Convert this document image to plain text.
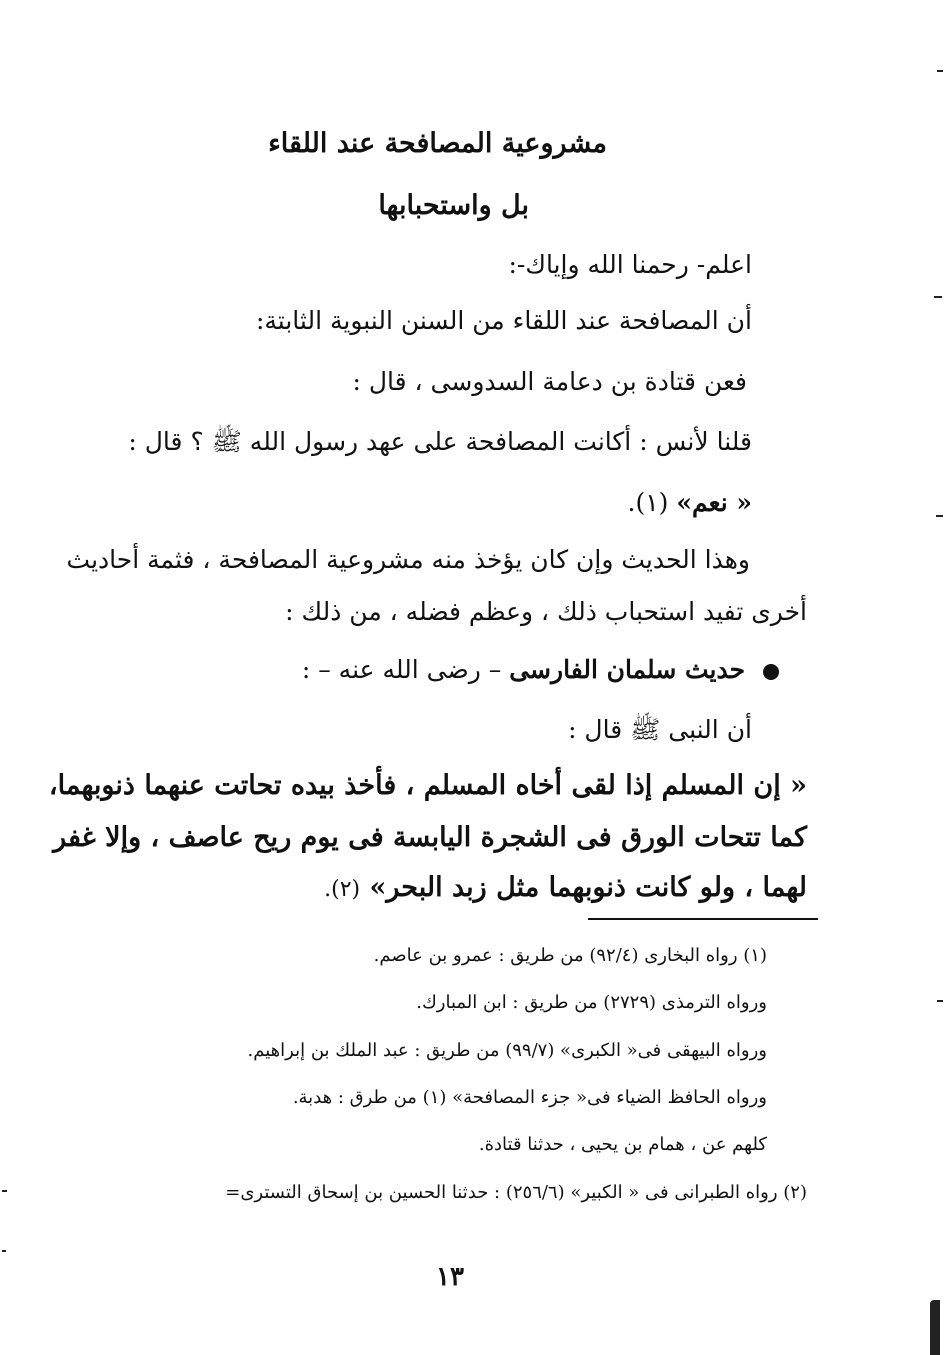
مشروعية المصافحة عند اللقاء

بل واستحبابها

اعلم- رحمنا الله وإياك-:

أن المصافحة عند اللقاء من السنن النبوية الثابتة:

فعن قتادة بن دعامة السدوسى ، قال :

قلنا لأنس : أكانت المصافحة على عهد رسول الله ﷺ ؟ قال :

« نعم» (١).

وهذا الحديث وإن كان يؤخذ منه مشروعية المصافحة ، فثمة أحاديث

أخرى تفيد استحباب ذلك ، وعظم فضله ، من ذلك :

حديث سلمان الفارسى – رضى الله عنه – :

أن النبى ﷺ قال :

« إن المسلم إذا لقى أخاه المسلم ، فأخذ بيده تحاتت عنهما ذنوبهما،

كما تتحات الورق فى الشجرة اليابسة فى يوم ريح عاصف ، وإلا غفر

لهما ، ولو كانت ذنوبهما مثل زبد البحر» (٢).

(١) رواه البخارى (٩٢/٤) من طريق : عمرو بن عاصم.

ورواه الترمذى (٢٧٢٩) من طريق : ابن المبارك.

ورواه البيهقى فى« الكبرى» (٩٩/٧) من طريق : عبد الملك بن إبراهيم.

ورواه الحافظ الضياء فى« جزء المصافحة» (١) من طرق : هدبة.

كلهم عن ، همام بن يحيى ، حدثنا قتادة.

(٢) رواه الطبرانى فى « الكبير» (٢٥٦/٦) : حدثنا الحسين بن إسحاق التسترى=

١٣
